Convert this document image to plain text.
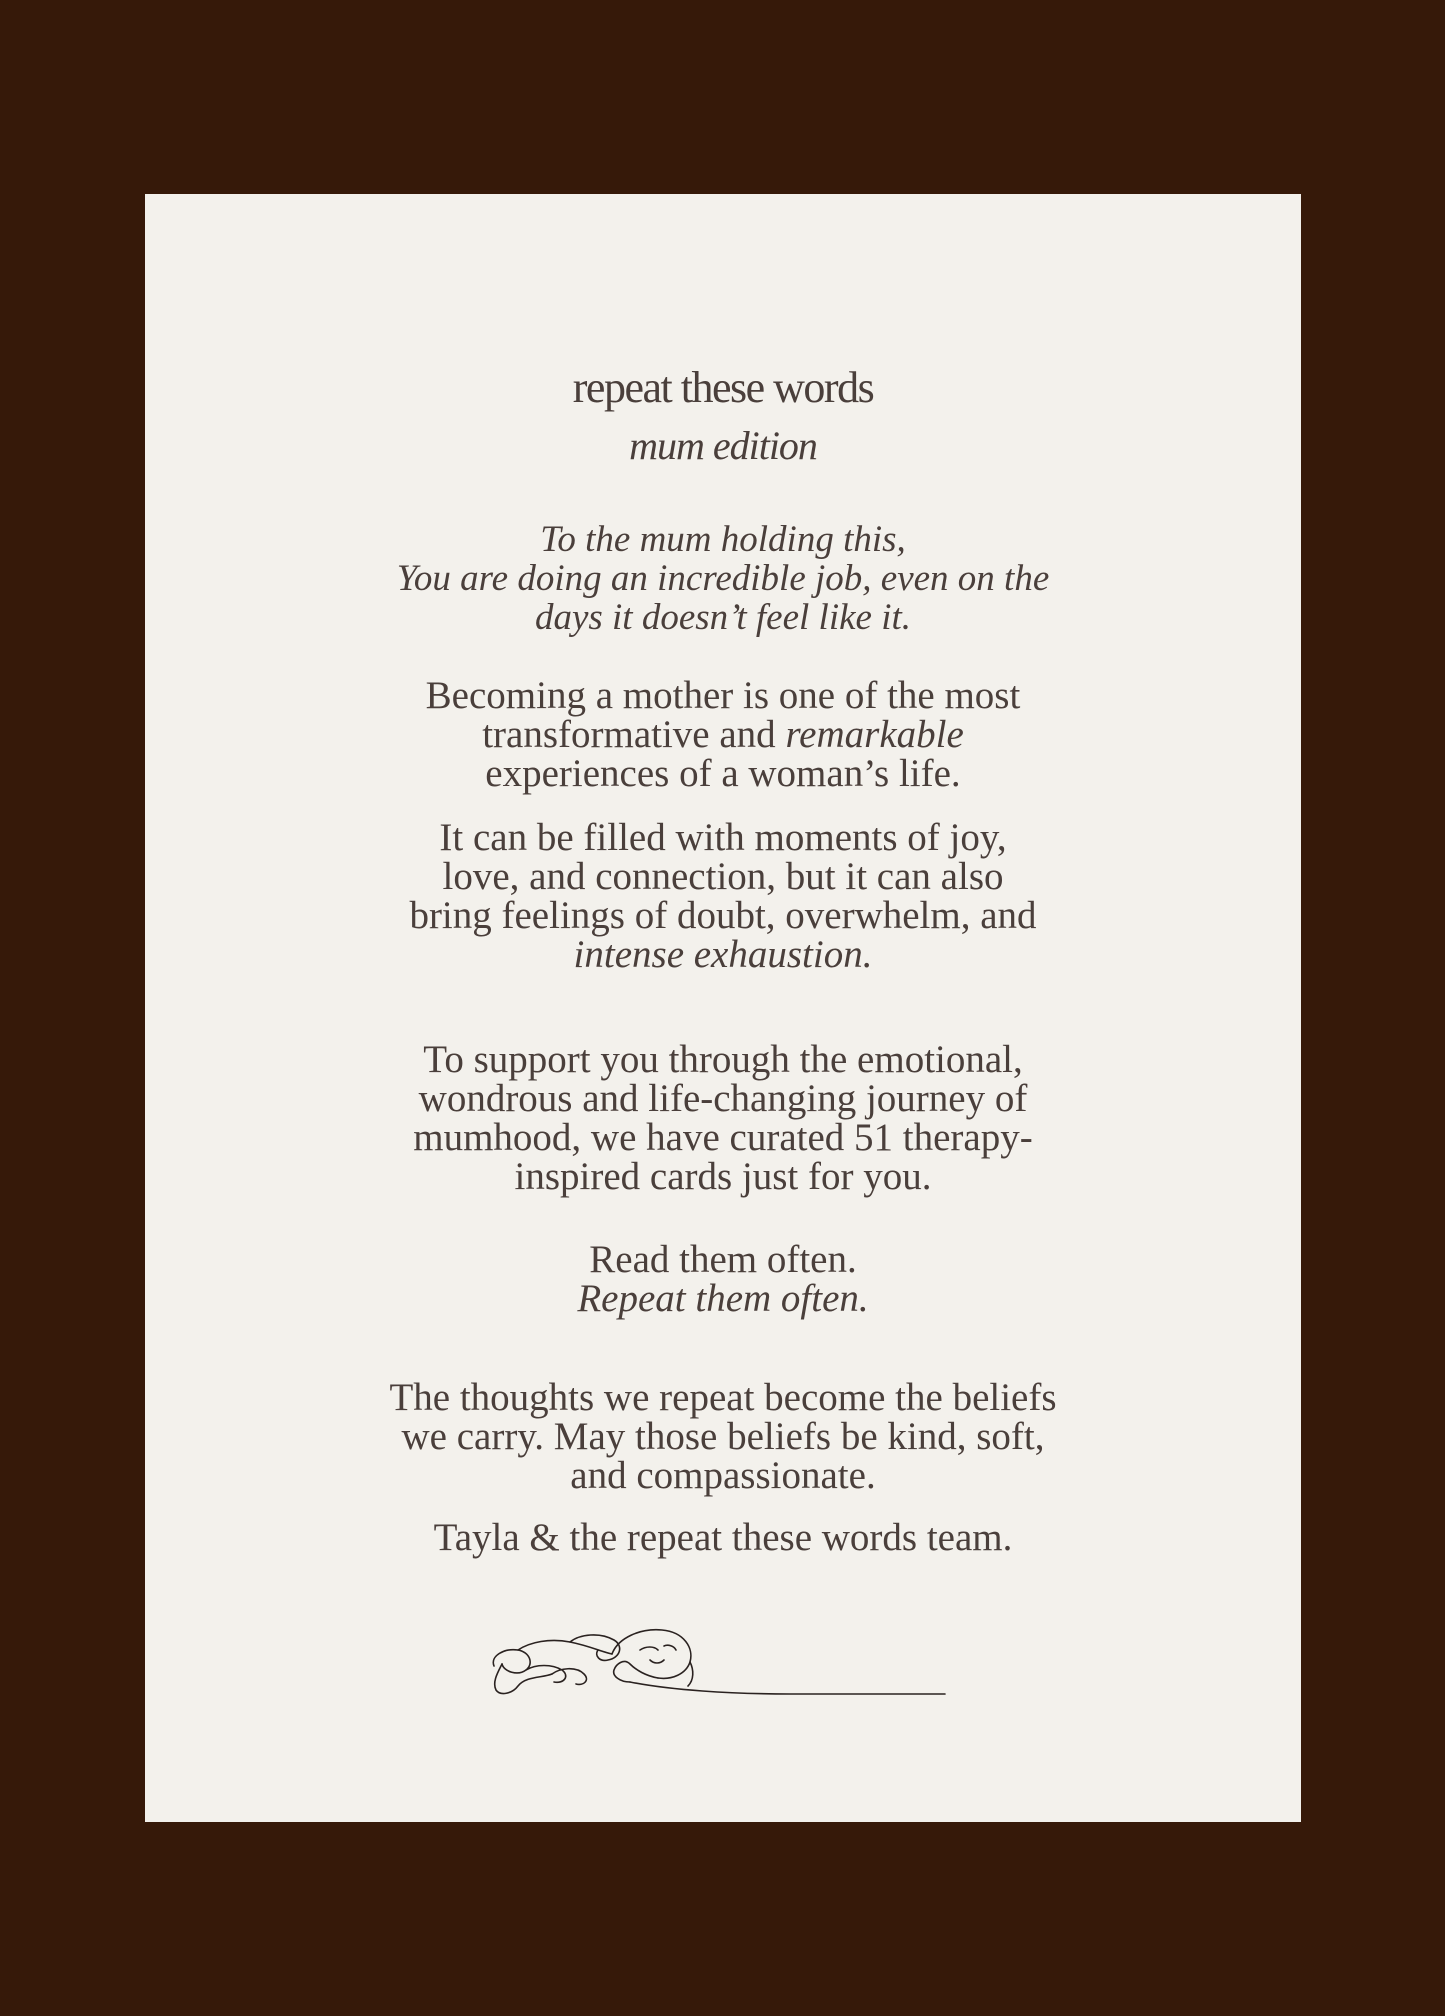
repeat these words
mum edition
To the mum holding this,
You are doing an incredible job, even on the
days it doesn’t feel like it.
Becoming a mother is one of the most
transformative and remarkable
experiences of a woman’s life.
It can be filled with moments of joy,
love, and connection, but it can also
bring feelings of doubt, overwhelm, and
intense exhaustion.
To support you through the emotional,
wondrous and life-changing journey of
mumhood, we have curated 51 therapy-
inspired cards just for you.
Read them often.
Repeat them often.
The thoughts we repeat become the beliefs
we carry. May those beliefs be kind, soft,
and compassionate.
Tayla & the repeat these words team.
